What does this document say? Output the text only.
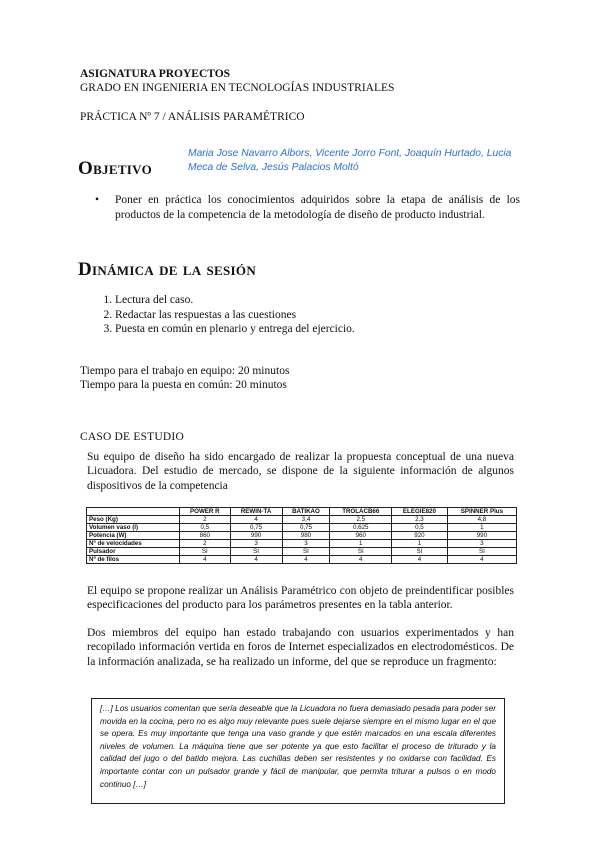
ASIGNATURA PROYECTOS
GRADO EN INGENIERIA EN TECNOLOGÍAS INDUSTRIALES
PRÁCTICA Nº 7 / ANÁLISIS PARAMÉTRICO
Maria Jose Navarro Albors, Vicente Jorro Font, Joaquín Hurtado, Lucia Meca de Selva, Jesús Palacios Moltó
Objetivo
• Poner en práctica los conocimientos adquiridos sobre la etapa de análisis de los productos de la competencia de la metodología de diseño de producto industrial.
Dinámica de la sesión
1. Lectura del caso.
2. Redactar las respuestas a las cuestiones
3. Puesta en común en plenario y entrega del ejercicio.
Tiempo para el trabajo en equipo: 20 minutos
Tiempo para la puesta en común: 20 minutos
CASO DE ESTUDIO
Su equipo de diseño ha sido encargado de realizar la propuesta conceptual de una nueva Licuadora. Del estudio de mercado, se dispone de la siguiente información de algunos dispositivos de la competencia
	POWER R	REWIN-TA	BATIKAO	TROLACB66	ELEGIE820	SPINNER Plus
Peso (Kg)	2	4	3,4	2,5	2,3	4,8
Volumen vaso (l)	0,5	0,75	0,75	0,625	0,5	1
Potencia (W)	860	990	980	960	920	990
Nº de velocidades	2	3	3	1	1	3
Pulsador	SI	SI	SI	SI	SI	SI
Nº de filos	4	4	4	4	4	4
El equipo se propone realizar un Análisis Paramétrico con objeto de preindentificar posibles especificaciones del producto para los parámetros presentes en la tabla anterior.
Dos miembros del equipo han estado trabajando con usuarios experimentados y han recopilado información vertida en foros de Internet especializados en electrodomésticos. De la información analizada, se ha realizado un informe, del que se reproduce un fragmento:
[…] Los usuarios comentan que sería deseable que la Licuadora no fuera demasiado pesada para poder ser movida en la cocina, pero no es algo muy relevante pues suele dejarse siempre en el mismo lugar en el que se opera. Es muy importante que tenga una vaso grande y que estén marcados en una escala diferentes niveles de volumen. La máquina tiene que ser potente ya que esto facilitar el proceso de triturado y la calidad del jugo o del batido mejora. Las cuchillas deben ser resistentes y no oxidarse con facilidad. Es importante contar con un pulsador grande y fácil de manipular, que permita triturar a pulsos o en modo continuo […]
